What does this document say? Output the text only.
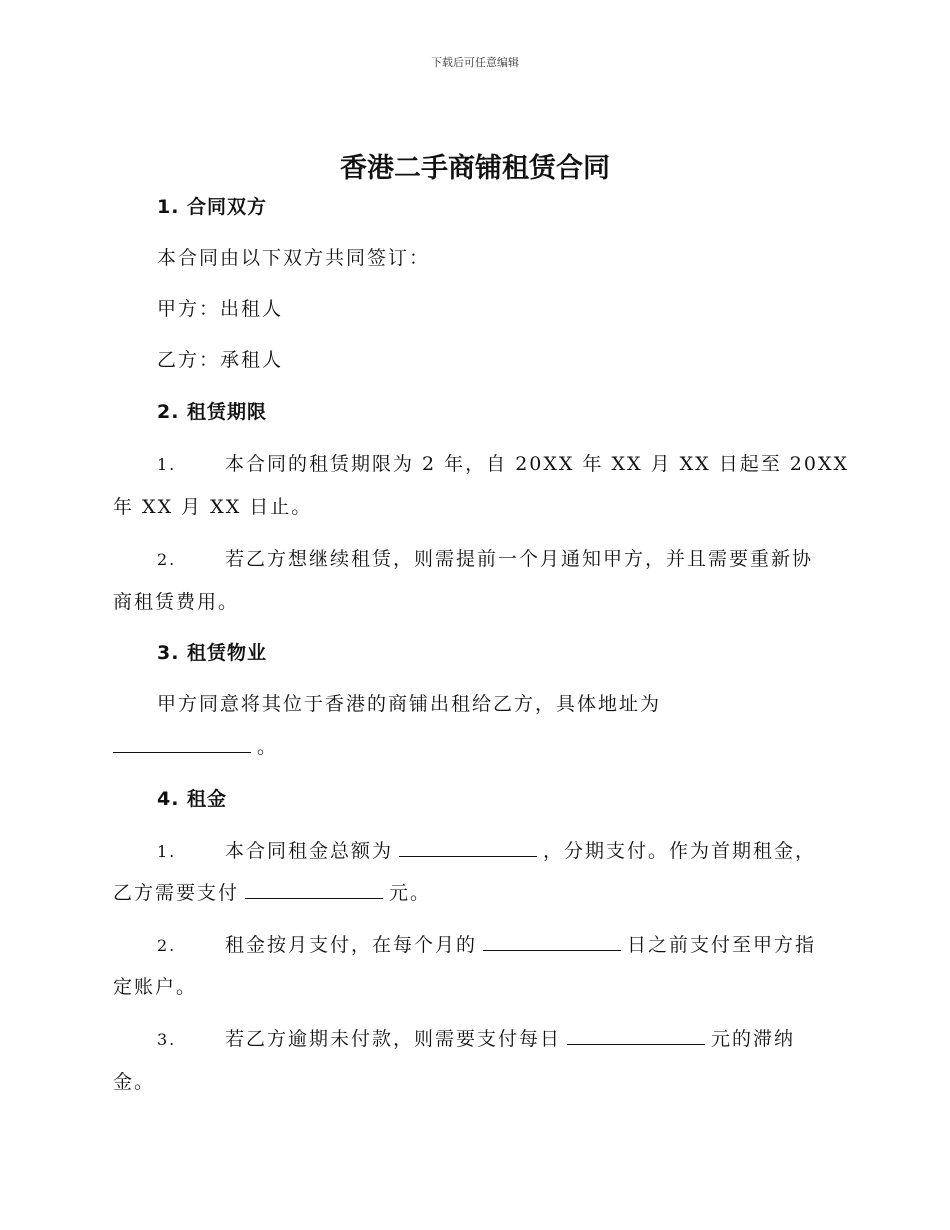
下载后可任意编辑
香港二手商铺租赁合同
1. 合同双方
本合同由以下双方共同签订：
甲方：出租人
乙方：承租人
2. 租赁期限
1.	本合同的租赁期限为 2 年，自 20XX 年 XX 月 XX 日起至 20XX
年 XX 月 XX 日止。
2.	若乙方想继续租赁，则需提前一个月通知甲方，并且需要重新协
商租赁费用。
3. 租赁物业
甲方同意将其位于香港的商铺出租给乙方，具体地址为
。
4. 租金
1.	本合同租金总额为	，分期支付。作为首期租金，
乙方需要支付	元。
2.	租金按月支付，在每个月的	日之前支付至甲方指
定账户。
3.	若乙方逾期未付款，则需要支付每日	元的滞纳
金。
